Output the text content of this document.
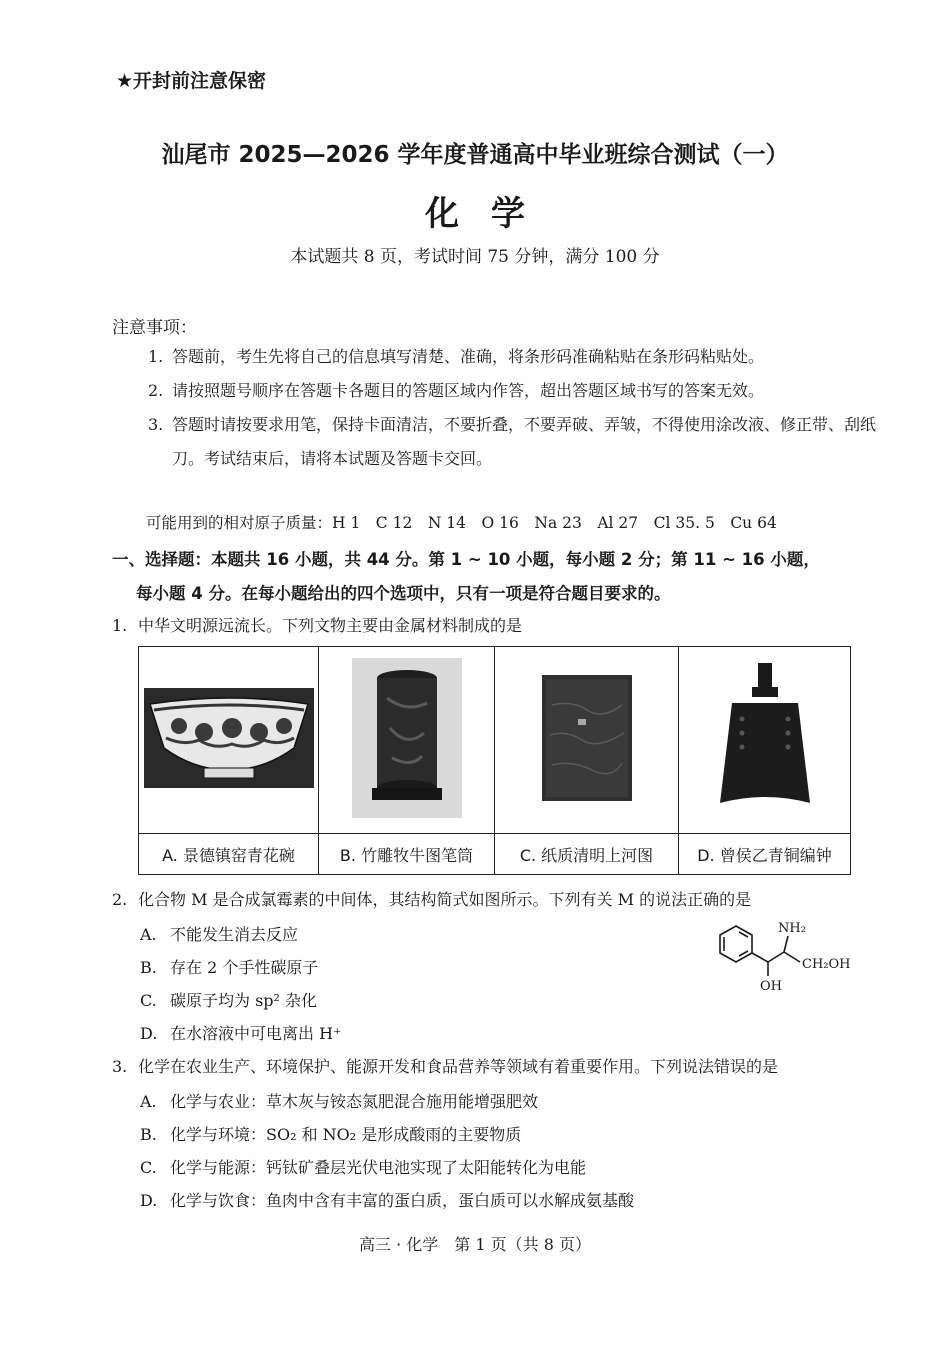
★开封前注意保密
汕尾市 2025—2026 学年度普通高中毕业班综合测试（一）
化学
本试题共 8 页，考试时间 75 分钟，满分 100 分
注意事项：
1. 答题前，考生先将自己的信息填写清楚、准确，将条形码准确粘贴在条形码粘贴处。
2. 请按照题号顺序在答题卡各题目的答题区域内作答，超出答题区域书写的答案无效。
3. 答题时请按要求用笔，保持卡面清洁，不要折叠，不要弄破、弄皱，不得使用涂改液、修正带、刮纸刀。考试结束后，请将本试题及答题卡交回。
可能用到的相对原子质量：H 1　C 12　N 14　O 16　Na 23　Al 27　Cl 35. 5　Cu 64
一、选择题：本题共 16 小题，共 44 分。第 1 ~ 10 小题，每小题 2 分；第 11 ~ 16 小题，
每小题 4 分。在每小题给出的四个选项中，只有一项是符合题目要求的。
1. 中华文明源远流长。下列文物主要由金属材料制成的是

A. 景德镇窑青花碗	B. 竹雕牧牛图笔筒	C. 纸质清明上河图	D. 曾侯乙青铜编钟
2. 化合物 M 是合成氯霉素的中间体，其结构简式如图所示。下列有关 M 的说法正确的是
A. 不能发生消去反应
B. 存在 2 个手性碳原子
C. 碳原子均为 sp² 杂化
D. 在水溶液中可电离出 H⁺
NH₂
CH₂OH
OH
3. 化学在农业生产、环境保护、能源开发和食品营养等领域有着重要作用。下列说法错误的是
A. 化学与农业：草木灰与铵态氮肥混合施用能增强肥效
B. 化学与环境：SO₂ 和 NO₂ 是形成酸雨的主要物质
C. 化学与能源：钙钛矿叠层光伏电池实现了太阳能转化为电能
D. 化学与饮食：鱼肉中含有丰富的蛋白质，蛋白质可以水解成氨基酸
高三 · 化学　第 1 页（共 8 页）
